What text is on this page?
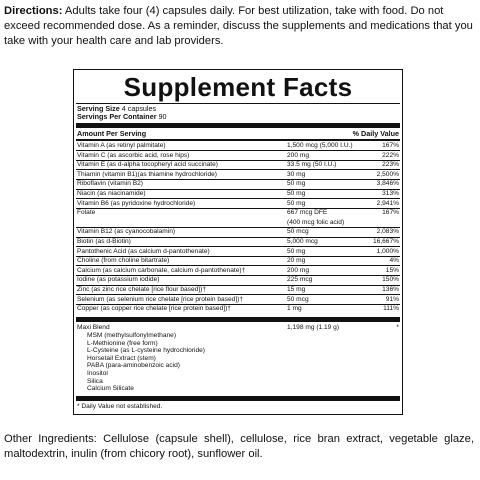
Directions: Adults take four (4) capsules daily. For best utilization, take with food. Do not exceed recommended dose. As a reminder, discuss the supplements and medications that you take with your health care and lab providers.
Supplement Facts
Serving Size 4 capsules
Servings Per Container 90
Amount Per Serving	% Daily Value
Vitamin A (as retinyl palmitate)	1,500 mcg (5,000 I.U.)	167%
Vitamin C (as ascorbic acid, rose hips)	200 mg	222%
Vitamin E (as d-alpha tocopheryl acid succinate)	33.5 mg (50 I.U.)	223%
Thiamin (vitamin B1)(as thiamine hydrochloride)	30 mg	2,500%
Riboflavin (vitamin B2)	50 mg	3,846%
Niacin (as niacinamide)	50 mg	313%
Vitamin B6 (as pyridoxine hydrochloride)	50 mg	2,941%
Folate	667 mcg DFE	167%
(400 mcg folic acid)
Vitamin B12 (as cyanocobalamin)	50 mcg	2,083%
Biotin (as d-Biotin)	5,000 mcg	16,667%
Pantothenic Acid (as calcium d-pantothenate)	50 mg	1,000%
Choline (from choline bitartrate)	20 mg	4%
Calcium (as calcium carbonate, calcium d-pantothenate)†	200 mg	15%
Iodine (as potassium iodide)	225 mcg	150%
Zinc (as zinc rice chelate [rice flour based])†	15 mg	136%
Selenium (as selenium rice chelate [rice protein based])†	50 mcg	91%
Copper (as copper rice chelate [rice protein based])†	1 mg	111%
Maxi Blend	1,198 mg (1.19 g)	*
MSM (methylsulfonylmethane)
L-Methionine (free form)
L-Cysteine (as L-cysteine hydrochloride)
Horsetail Extract (stem)
PABA (para-aminobenzoic acid)
Inositol
Silica
Calcium Silicate
* Daily Value not established.
Other Ingredients: Cellulose (capsule shell), cellulose, rice bran extract, vegetable glaze, maltodextrin, inulin (from chicory root), sunflower oil.
